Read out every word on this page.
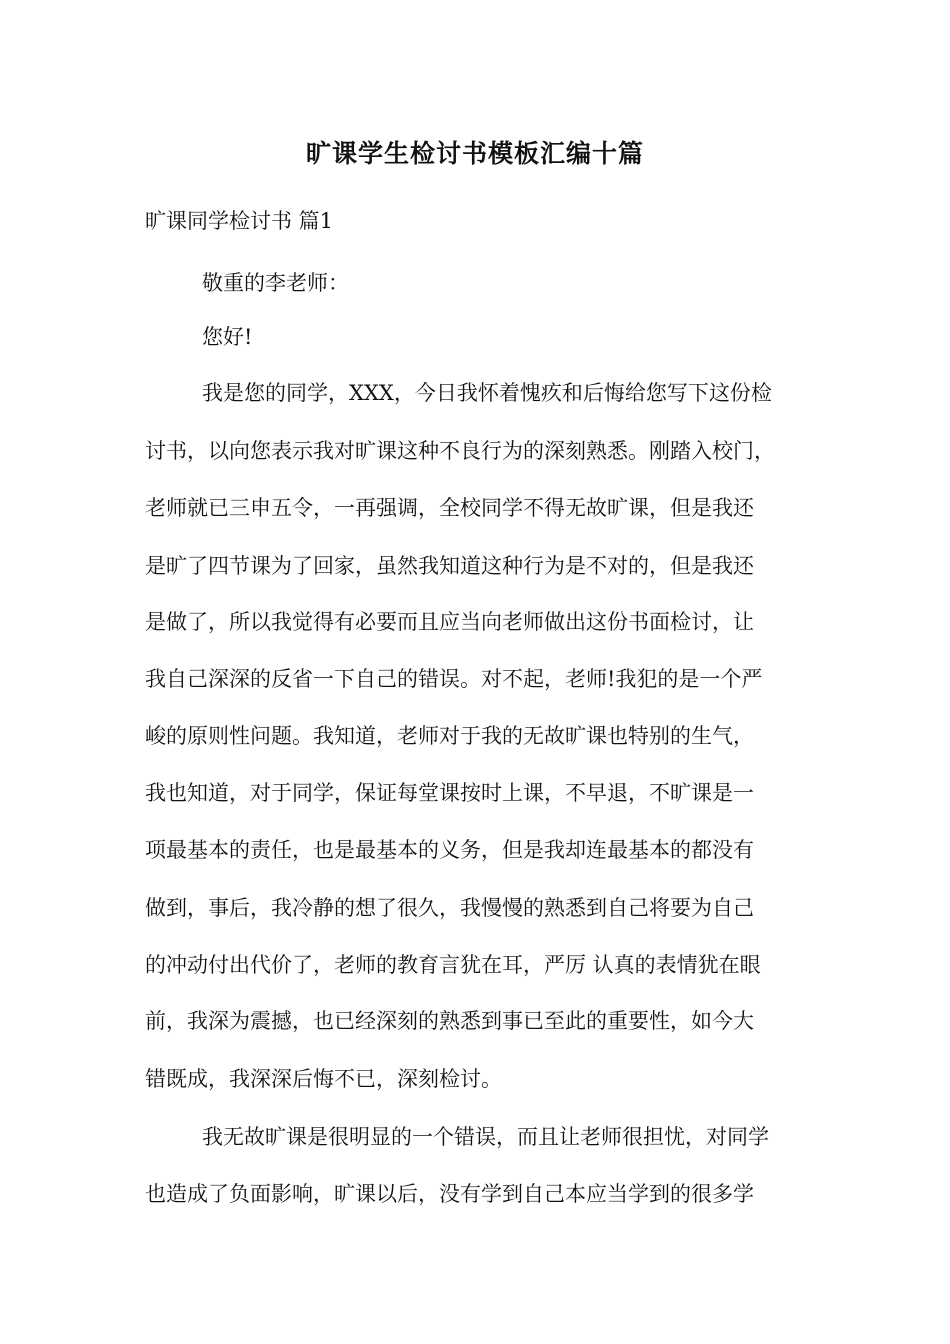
旷课学生检讨书模板汇编十篇
旷课同学检讨书 篇1
敬重的李老师：
您好!
我是您的同学，XXX，今日我怀着愧疚和后悔给您写下这份检
讨书，以向您表示我对旷课这种不良行为的深刻熟悉。刚踏入校门，
老师就已三申五令，一再强调，全校同学不得无故旷课，但是我还
是旷了四节课为了回家，虽然我知道这种行为是不对的，但是我还
是做了，所以我觉得有必要而且应当向老师做出这份书面检讨，让
我自己深深的反省一下自己的错误。对不起，老师!我犯的是一个严
峻的原则性问题。我知道，老师对于我的无故旷课也特别的生气，
我也知道，对于同学，保证每堂课按时上课，不早退，不旷课是一
项最基本的责任，也是最基本的义务，但是我却连最基本的都没有
做到，事后，我冷静的想了很久，我慢慢的熟悉到自己将要为自己
的冲动付出代价了，老师的教育言犹在耳，严厉 认真的表情犹在眼
前，我深为震撼，也已经深刻的熟悉到事已至此的重要性，如今大
错既成，我深深后悔不已，深刻检讨。
我无故旷课是很明显的一个错误，而且让老师很担忧，对同学
也造成了负面影响，旷课以后，没有学到自己本应当学到的很多学
